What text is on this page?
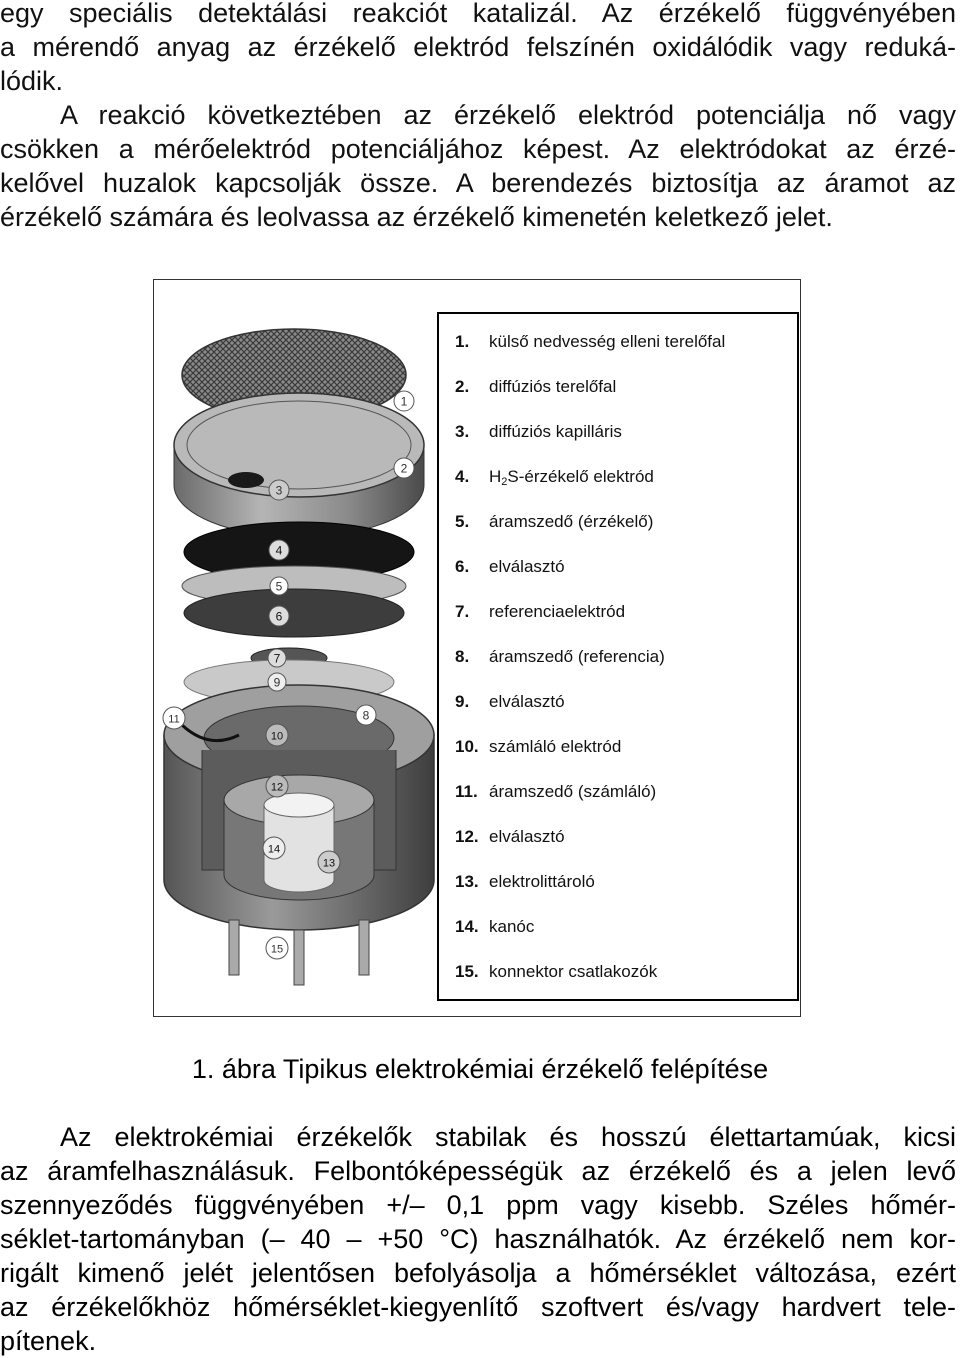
egy speciális detektálási reakciót katalizál. Az érzékelő függvényében
a mérendő anyag az érzékelő elektród felszínén oxidálódik vagy reduká-
lódik.
A reakció következtében az érzékelő elektród potenciálja nő vagy
csökken a mérőelektród potenciáljához képest. Az elektródokat az érzé-
kelővel huzalok kapcsolják össze. A berendezés biztosítja az áramot az
érzékelő számára és leolvassa az érzékelő kimenetén keletkező jelet.
1
2
3
4
5
6
7
8
9
10
11
12
13
14
15
1. külső nedvesség elleni terelőfal
2. diffúziós terelőfal
3. diffúziós kapilláris
4. $H_2S$-érzékelő elektród
5. áramszedő (érzékelő)
6. elválasztó
7. referenciaelektród
8. áramszedő (referencia)
9. elválasztó
10. számláló elektród
11. áramszedő (számláló)
12. elválasztó
13. elektrolittároló
14. kanóc
15. konnektor csatlakozók
1. ábra Tipikus elektrokémiai érzékelő felépítése
Az elektrokémiai érzékelők stabilak és hosszú élettartamúak, kicsi
az áramfelhasználásuk. Felbontóképességük az érzékelő és a jelen levő
szennyeződés függvényében +/– 0,1 ppm vagy kisebb. Széles hőmér-
séklet-tartományban (– 40 – +50 °C) használhatók. Az érzékelő nem kor-
rigált kimenő jelét jelentősen befolyásolja a hőmérséklet változása, ezért
az érzékelőkhöz hőmérséklet-kiegyenlítő szoftvert és/vagy hardvert tele-
pítenek.
